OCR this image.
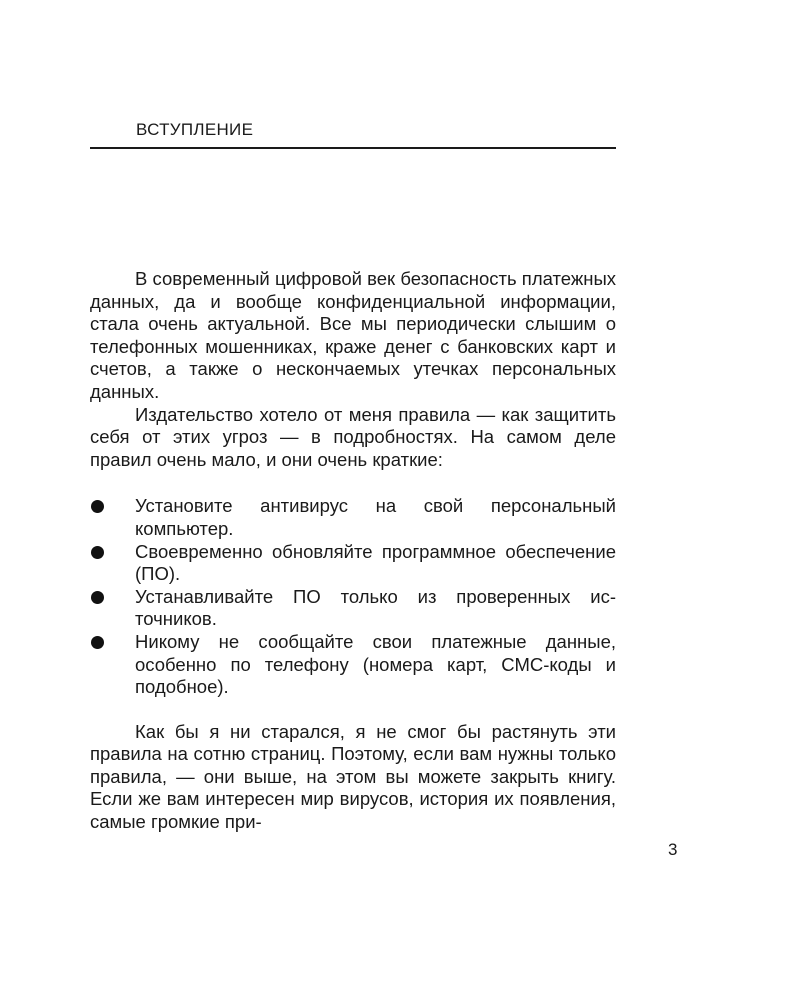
ВСТУПЛЕНИЕ

В современный цифровой век безопасность платежных данных, да и вообще конфиденциальной информации, стала очень актуальной. Все мы периодически слышим о телефонных мошенниках, краже денег с банковских карт и счетов, а также о нескончаемых утечках персональных данных.

Издательство хотело от меня правила — как защитить себя от этих угроз — в подробностях. На самом деле правил очень мало, и они очень краткие:

Установите антивирус на свой персональный компьютер.
Своевременно обновляйте программное обеспечение (ПО).
Устанавливайте ПО только из проверенных источников.
Никому не сообщайте свои платежные данные, особенно по телефону (номера карт, СМС-коды и подобное).

Как бы я ни старался, я не смог бы растянуть эти правила на сотню страниц. Поэтому, если вам нужны только правила, — они выше, на этом вы можете закрыть книгу. Если же вам интересен мир вирусов, история их появления, самые громкие при-

3
